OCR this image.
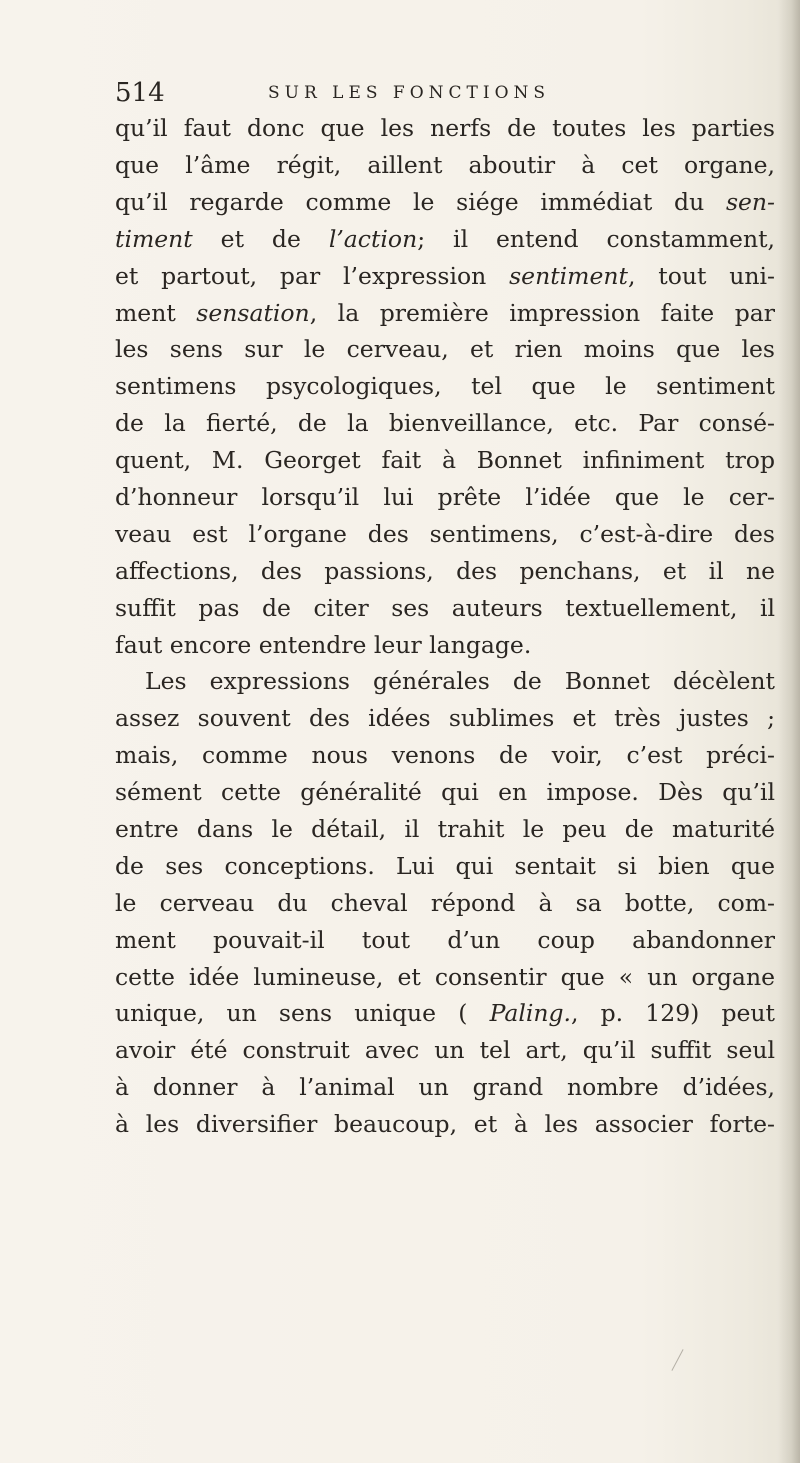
514	SUR LES FONCTIONS
qu’il faut donc que les nerfs de toutes les parties
que l’âme régit, aillent aboutir à cet organe,
qu’il regarde comme le siége immédiat du sen-
timent et de l’action; il entend constamment,
et partout, par l’expression sentiment, tout uni-
ment sensation, la première impression faite par
les sens sur le cerveau, et rien moins que les
sentimens psycologiques, tel que le sentiment
de la fierté, de la bienveillance, etc. Par consé-
quent, M. Georget fait à Bonnet infiniment trop
d’honneur lorsqu’il lui prête l’idée que le cer-
veau est l’organe des sentimens, c’est-à-dire des
affections, des passions, des penchans, et il ne
suffit pas de citer ses auteurs textuellement, il
faut encore entendre leur langage.
Les expressions générales de Bonnet décèlent
assez souvent des idées sublimes et très justes ;
mais, comme nous venons de voir, c’est préci-
sément cette généralité qui en impose. Dès qu’il
entre dans le détail, il trahit le peu de maturité
de ses conceptions. Lui qui sentait si bien que
le cerveau du cheval répond à sa botte, com-
ment pouvait-il tout d’un coup abandonner
cette idée lumineuse, et consentir que « un organe
unique, un sens unique ( Paling., p. 129) peut
avoir été construit avec un tel art, qu’il suffit seul
à donner à l’animal un grand nombre d’idées,
à les diversifier beaucoup, et à les associer forte-
